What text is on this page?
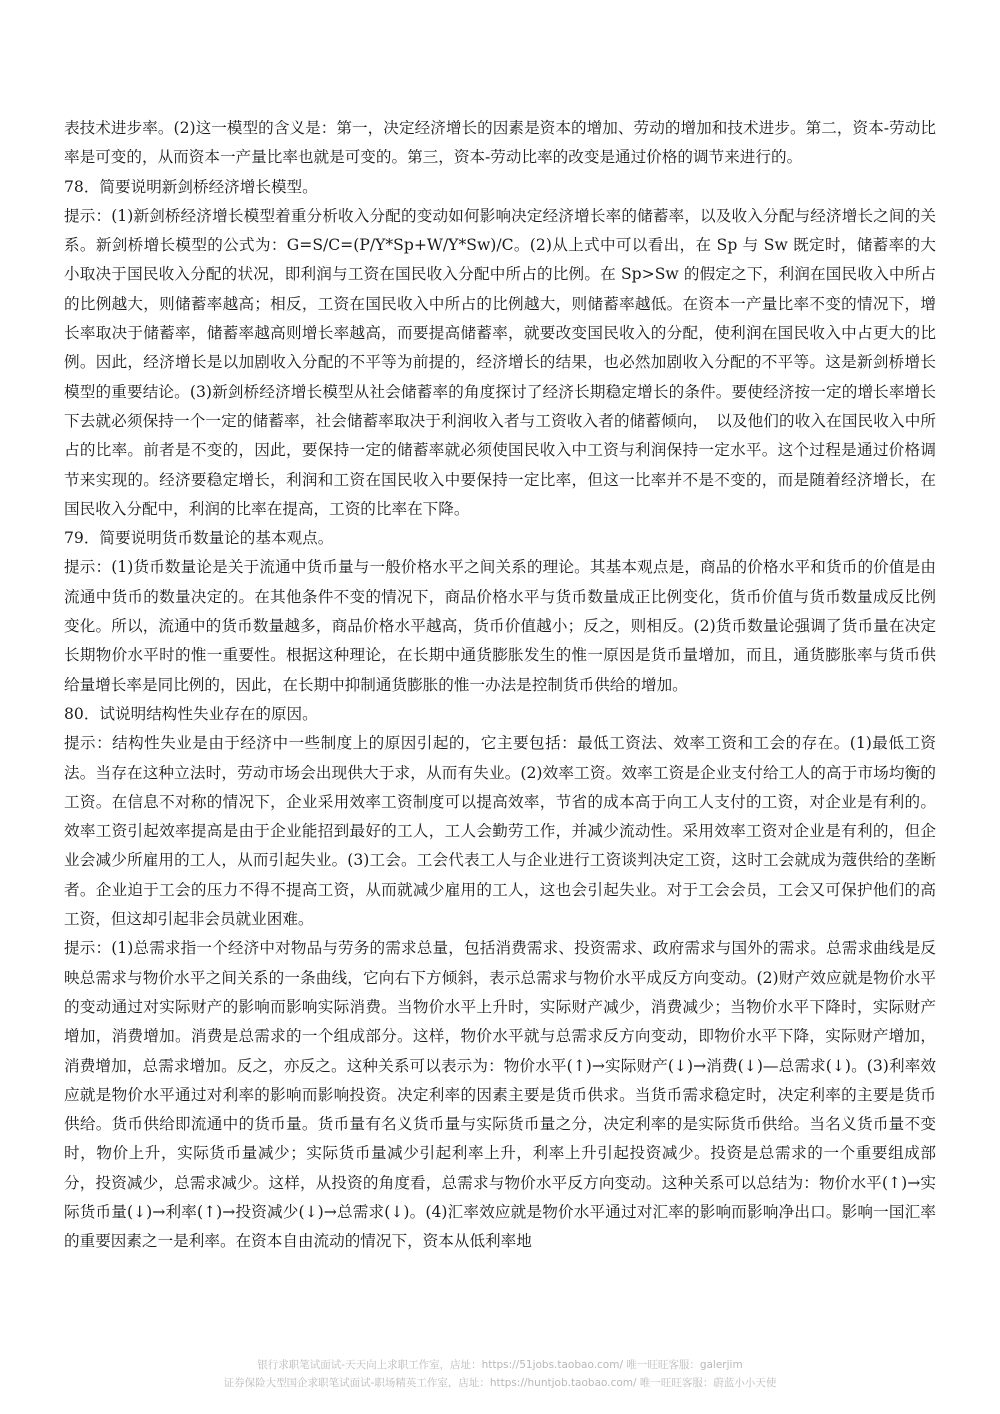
表技术进步率。(2)这一模型的含义是：第一，决定经济增长的因素是资本的增加、劳动的增加和技术进步。第二，资本-劳动比率是可变的，从而资本一产量比率也就是可变的。第三，资本-劳动比率的改变是通过价格的调节来进行的。

78．简要说明新剑桥经济增长模型。

提示：(1)新剑桥经济增长模型着重分析收入分配的变动如何影响决定经济增长率的储蓄率，以及收入分配与经济增长之间的关系。新剑桥增长模型的公式为：G=S/C=(P/Y*Sp+W/Y*Sw)/C。(2)从上式中可以看出，在 Sp 与 Sw 既定时，储蓄率的大小取决于国民收入分配的状况，即利润与工资在国民收入分配中所占的比例。在 Sp>Sw 的假定之下，利润在国民收入中所占的比例越大，则储蓄率越高；相反，工资在国民收入中所占的比例越大，则储蓄率越低。在资本一产量比率不变的情况下，增长率取决于储蓄率，储蓄率越高则增长率越高，而要提高储蓄率，就要改变国民收入的分配，使利润在国民收入中占更大的比例。因此，经济增长是以加剧收入分配的不平等为前提的，经济增长的结果，也必然加剧收入分配的不平等。这是新剑桥增长模型的重要结论。(3)新剑桥经济增长模型从社会储蓄率的角度探讨了经济长期稳定增长的条件。要使经济按一定的增长率增长下去就必须保持一个一定的储蓄率，社会储蓄率取决于利润收入者与工资收入者的储蓄倾向，　以及他们的收入在国民收入中所占的比率。前者是不变的，因此，要保持一定的储蓄率就必须使国民收入中工资与利润保持一定水平。这个过程是通过价格调节来实现的。经济要稳定增长，利润和工资在国民收入中要保持一定比率，但这一比率并不是不变的，而是随着经济增长，在国民收入分配中，利润的比率在提高，工资的比率在下降。

79．简要说明货币数量论的基本观点。

提示：(1)货币数量论是关于流通中货币量与一般价格水平之间关系的理论。其基本观点是，商品的价格水平和货币的价值是由流通中货币的数量决定的。在其他条件不变的情况下，商品价格水平与货币数量成正比例变化，货币价值与货币数量成反比例变化。所以，流通中的货币数量越多，商品价格水平越高，货币价值越小；反之，则相反。(2)货币数量论强调了货币量在决定长期物价水平时的惟一重要性。根据这种理论，在长期中通货膨胀发生的惟一原因是货币量增加，而且，通货膨胀率与货币供给量增长率是同比例的，因此，在长期中抑制通货膨胀的惟一办法是控制货币供给的增加。

80．试说明结构性失业存在的原因。

提示：结构性失业是由于经济中一些制度上的原因引起的，它主要包括：最低工资法、效率工资和工会的存在。(1)最低工资法。当存在这种立法时，劳动市场会出现供大于求，从而有失业。(2)效率工资。效率工资是企业支付给工人的高于市场均衡的工资。在信息不对称的情况下，企业采用效率工资制度可以提高效率，节省的成本高于向工人支付的工资，对企业是有利的。效率工资引起效率提高是由于企业能招到最好的工人，工人会勤劳工作，并减少流动性。采用效率工资对企业是有利的，但企业会减少所雇用的工人，从而引起失业。(3)工会。工会代表工人与企业进行工资谈判决定工资，这时工会就成为蔻供给的垄断者。企业迫于工会的压力不得不提高工资，从而就减少雇用的工人，这也会引起失业。对于工会会员，工会又可保护他们的高工资，但这却引起非会员就业困难。

提示：(1)总需求指一个经济中对物品与劳务的需求总量，包括消费需求、投资需求、政府需求与国外的需求。总需求曲线是反映总需求与物价水平之间关系的一条曲线，它向右下方倾斜，表示总需求与物价水平成反方向变动。(2)财产效应就是物价水平的变动通过对实际财产的影响而影响实际消费。当物价水平上升时，实际财产减少，消费减少；当物价水平下降时，实际财产增加，消费增加。消费是总需求的一个组成部分。这样，物价水平就与总需求反方向变动，即物价水平下降，实际财产增加，消费增加，总需求增加。反之，亦反之。这种关系可以表示为：物价水平(↑)→实际财产(↓)→消费(↓)—总需求(↓)。(3)利率效应就是物价水平通过对利率的影响而影响投资。决定利率的因素主要是货币供求。当货币需求稳定时，决定利率的主要是货币供给。货币供给即流通中的货币量。货币量有名义货币量与实际货币量之分，决定利率的是实际货币供给。当名义货币量不变时，物价上升，实际货币量减少；实际货币量减少引起利率上升，利率上升引起投资减少。投资是总需求的一个重要组成部分，投资减少，总需求减少。这样，从投资的角度看，总需求与物价水平反方向变动。这种关系可以总结为：物价水平(↑)→实际货币量(↓)→利率(↑)→投资减少(↓)→总需求(↓)。(4)汇率效应就是物价水平通过对汇率的影响而影响净出口。影响一国汇率的重要因素之一是利率。在资本自由流动的情况下，资本从低利率地

银行求职笔试面试-天天向上求职工作室，店址：https://51jobs.taobao.com/ 唯一旺旺客服：galerjim
证券保险大型国企求职笔试面试-职场精英工作室，店址：https://huntjob.taobao.com/ 唯一旺旺客服：蔚蓝小小天使
